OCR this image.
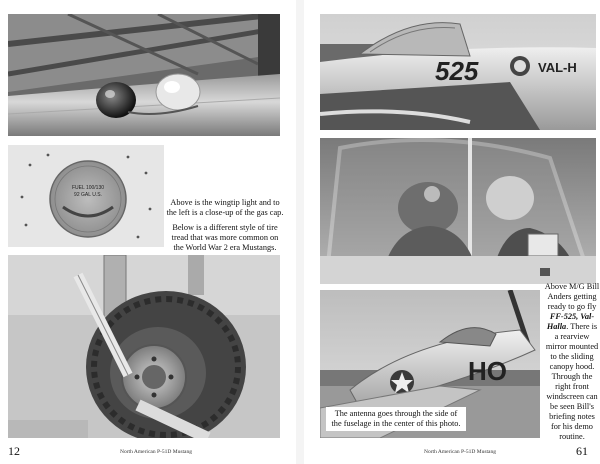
FUEL 100/130
92 GAL U.S.

Above is the wingtip light and to the left is a close-up of the gas cap.

Below is a different style of tire tread that was more common on the World War 2 era Mustangs.

12	North American P-51D Mustang
525	VAL-H
HO
The antenna goes through the side of the fuselage in the center of this photo.
Above M/G Bill Anders getting ready to go fly FF-525, Val-Halla. There is a rearview mirror mounted to the sliding canopy hood. Through the right front windscreen can be seen Bill's briefing notes for his demo routine.
North American P-51D Mustang	61
